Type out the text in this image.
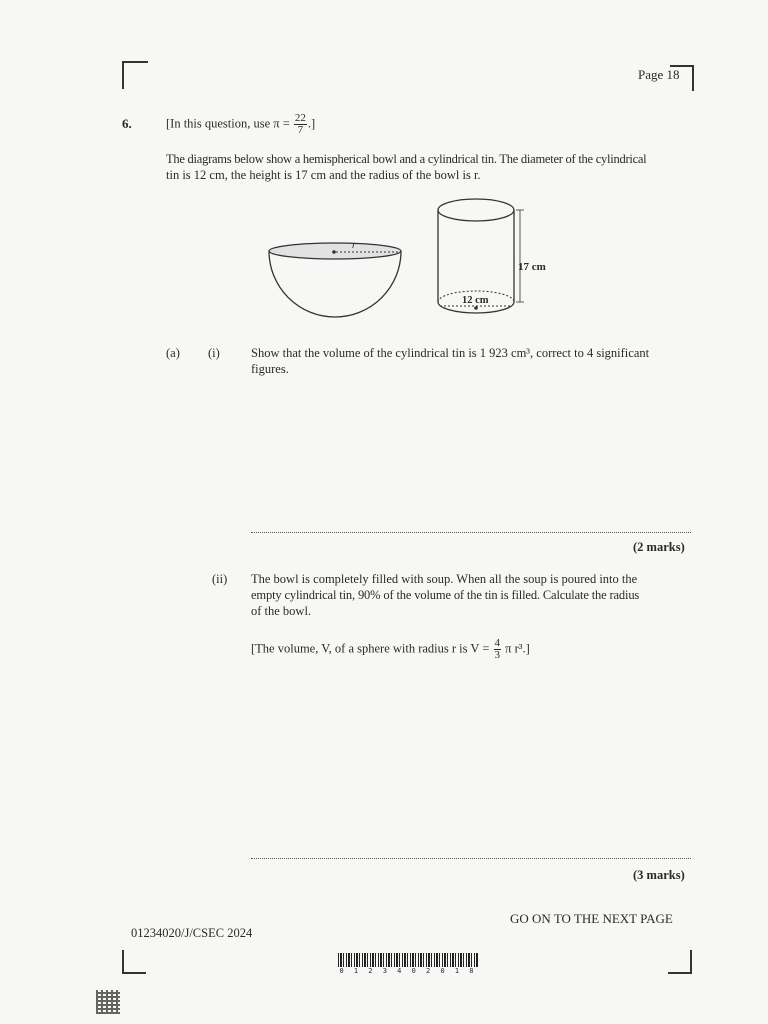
Page 18
6.	[In this question, use $\pi = \frac{22}{7}$ .]
The diagrams below show a hemispherical bowl and a cylindrical tin. The diameter of the cylindrical
tin is 12 cm, the height is 17 cm and the radius of the bowl is r.
r
12 cm
17 cm
(a) (i) Show that the volume of the cylindrical tin is 1 923 cm³, correct to 4 significant
figures.
(2 marks)
(ii) The bowl is completely filled with soup. When all the soup is poured into the
empty cylindrical tin, 90% of the volume of the tin is filled. Calculate the radius
of the bowl.
[The volume, V, of a sphere with radius r is $V = \frac{4}{3}$ π r³.]
(3 marks)
GO ON TO THE NEXT PAGE
01234020/J/CSEC 2024
0 1 2 3 4 0 2 0 1 8
